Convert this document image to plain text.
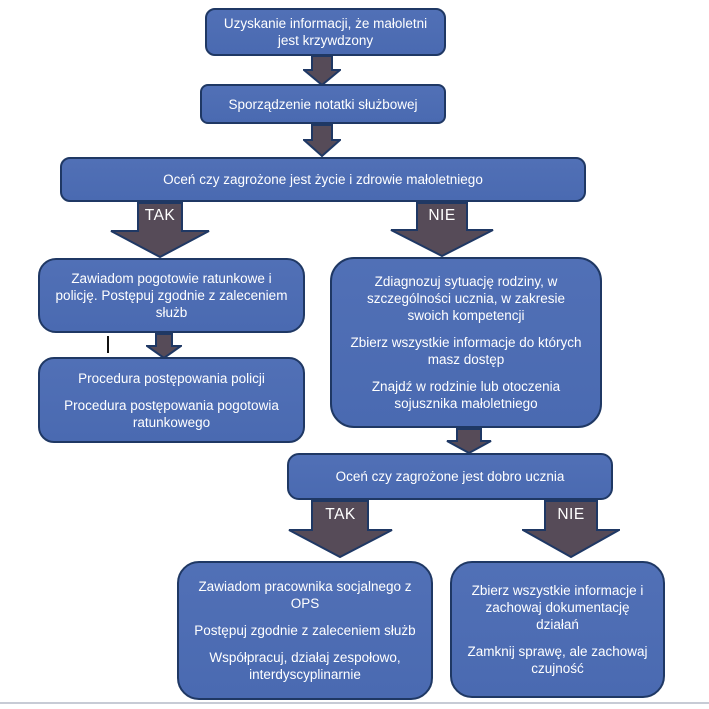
Uzyskanie informacji, że małoletni jest krzywdzony
Sporządzenie notatki służbowej
Oceń czy zagrożone jest życie i zdrowie małoletniego
TAK	NIE
Zawiadom pogotowie ratunkowe i policję. Postępuj zgodnie z zaleceniem służb
Procedura postępowania policji
Procedura postępowania pogotowia ratunkowego
Zdiagnozuj sytuację rodziny, w szczególności ucznia, w zakresie swoich kompetencji
Zbierz wszystkie informacje do których masz dostęp
Znajdź w rodzinie lub otoczenia sojusznika małoletniego
Oceń czy zagrożone jest dobro ucznia
TAK	NIE
Zawiadom pracownika socjalnego z OPS
Postępuj zgodnie z zaleceniem służb
Współpracuj, działaj zespołowo, interdyscyplinarnie
Zbierz wszystkie informacje i zachowaj dokumentację działań
Zamknij sprawę, ale zachowaj czujność
